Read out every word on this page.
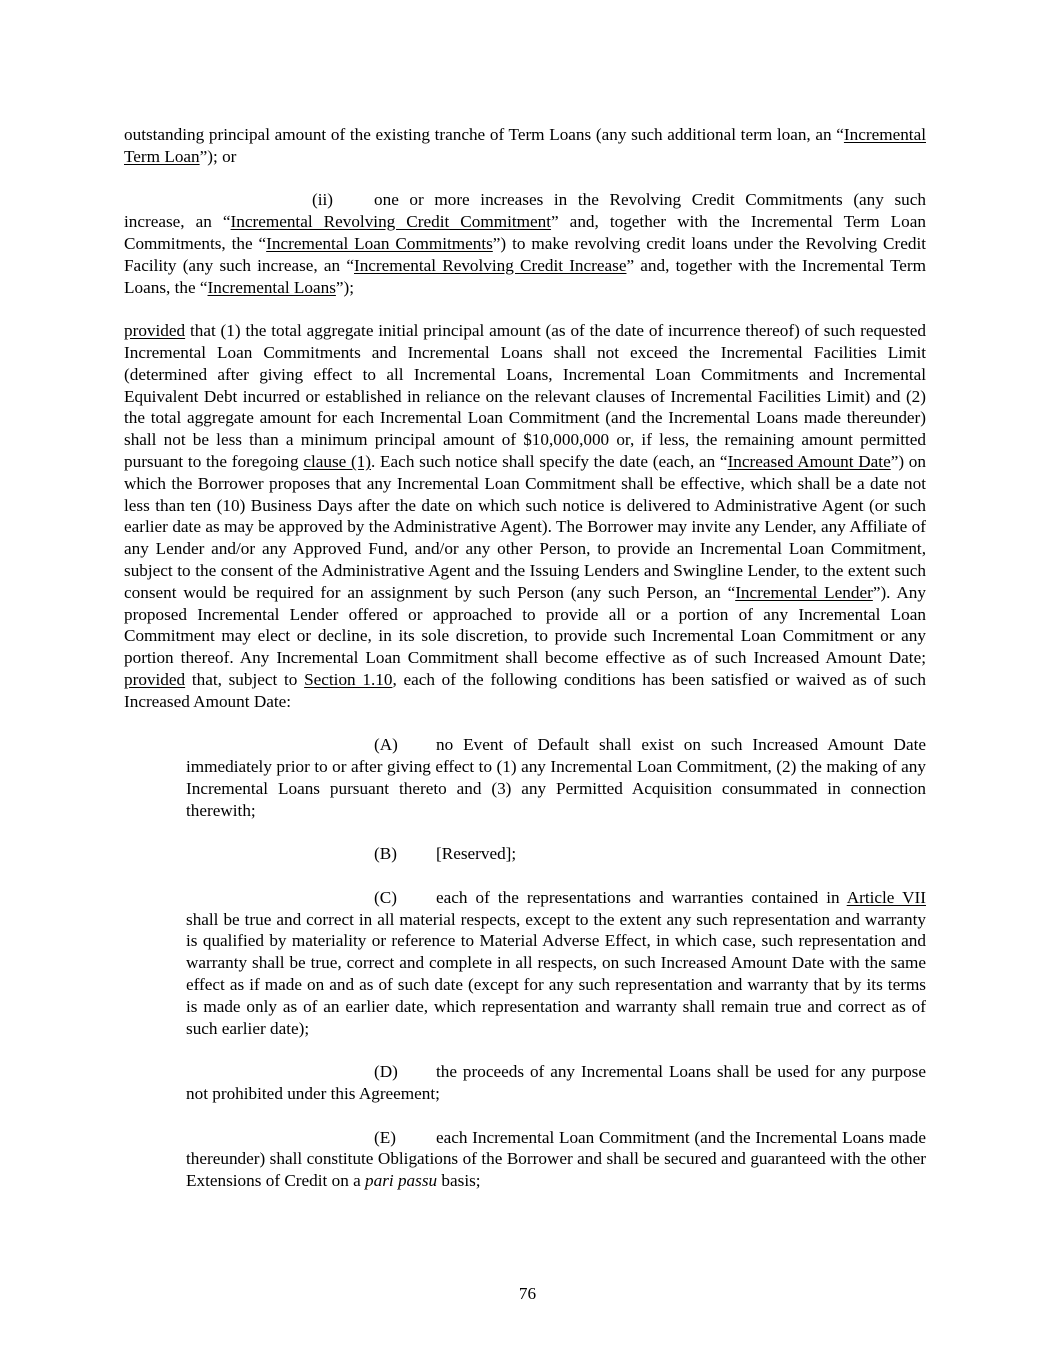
outstanding principal amount of the existing tranche of Term Loans (any such additional term loan, an “Incremental Term Loan”); or

(ii) one or more increases in the Revolving Credit Commitments (any such increase, an “Incremental Revolving Credit Commitment” and, together with the Incremental Term Loan Commitments, the “Incremental Loan Commitments”) to make revolving credit loans under the Revolving Credit Facility (any such increase, an “Incremental Revolving Credit Increase” and, together with the Incremental Term Loans, the “Incremental Loans”);

provided that (1) the total aggregate initial principal amount (as of the date of incurrence thereof) of such requested Incremental Loan Commitments and Incremental Loans shall not exceed the Incremental Facilities Limit (determined after giving effect to all Incremental Loans, Incremental Loan Commitments and Incremental Equivalent Debt incurred or established in reliance on the relevant clauses of Incremental Facilities Limit) and (2) the total aggregate amount for each Incremental Loan Commitment (and the Incremental Loans made thereunder) shall not be less than a minimum principal amount of $10,000,000 or, if less, the remaining amount permitted pursuant to the foregoing clause (1). Each such notice shall specify the date (each, an “Increased Amount Date”) on which the Borrower proposes that any Incremental Loan Commitment shall be effective, which shall be a date not less than ten (10) Business Days after the date on which such notice is delivered to Administrative Agent (or such earlier date as may be approved by the Administrative Agent). The Borrower may invite any Lender, any Affiliate of any Lender and/or any Approved Fund, and/or any other Person, to provide an Incremental Loan Commitment, subject to the consent of the Administrative Agent and the Issuing Lenders and Swingline Lender, to the extent such consent would be required for an assignment by such Person (any such Person, an “Incremental Lender”). Any proposed Incremental Lender offered or approached to provide all or a portion of any Incremental Loan Commitment may elect or decline, in its sole discretion, to provide such Incremental Loan Commitment or any portion thereof. Any Incremental Loan Commitment shall become effective as of such Increased Amount Date; provided that, subject to Section 1.10, each of the following conditions has been satisfied or waived as of such Increased Amount Date:

(A) no Event of Default shall exist on such Increased Amount Date immediately prior to or after giving effect to (1) any Incremental Loan Commitment, (2) the making of any Incremental Loans pursuant thereto and (3) any Permitted Acquisition consummated in connection therewith;

(B) [Reserved];

(C) each of the representations and warranties contained in Article VII shall be true and correct in all material respects, except to the extent any such representation and warranty is qualified by materiality or reference to Material Adverse Effect, in which case, such representation and warranty shall be true, correct and complete in all respects, on such Increased Amount Date with the same effect as if made on and as of such date (except for any such representation and warranty that by its terms is made only as of an earlier date, which representation and warranty shall remain true and correct as of such earlier date);

(D) the proceeds of any Incremental Loans shall be used for any purpose not prohibited under this Agreement;

(E) each Incremental Loan Commitment (and the Incremental Loans made thereunder) shall constitute Obligations of the Borrower and shall be secured and guaranteed with the other Extensions of Credit on a pari passu basis;

76
